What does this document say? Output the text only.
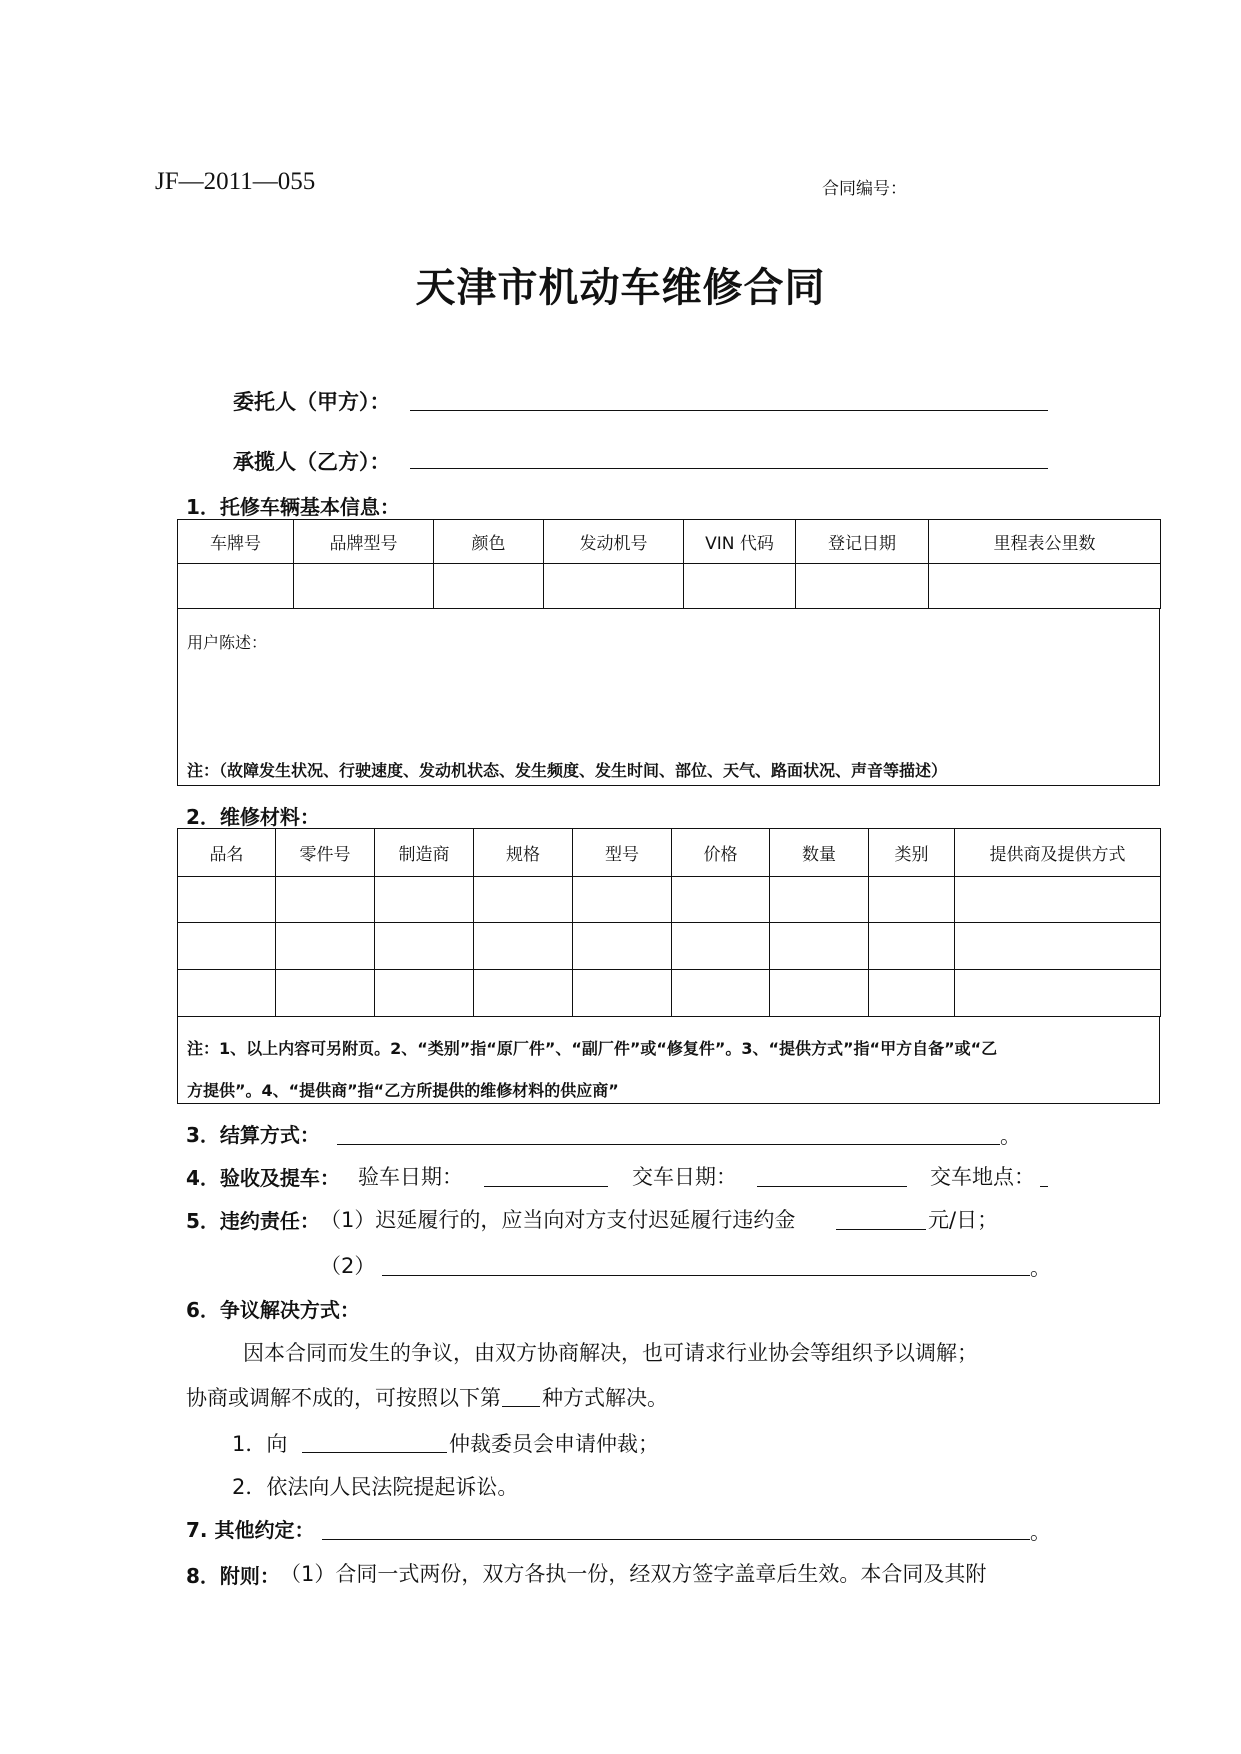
JF—2011—055	合同编号：
天津市机动车维修合同
委托人（甲方）：
承揽人（乙方）：
1．托修车辆基本信息：
车牌号	品牌型号	颜色	发动机号	VIN 代码	登记日期	里程表公里数

用户陈述：
注：（故障发生状况、行驶速度、发动机状态、发生频度、发生时间、部位、天气、路面状况、声音等描述）
2．维修材料：
品名	零件号	制造商	规格	型号	价格	数量	类别	提供商及提供方式

注：1、以上内容可另附页。2、“类别”指“原厂件”、“副厂件”或“修复件”。3、“提供方式”指“甲方自备”或“乙
方提供”。4、“提供商”指“乙方所提供的维修材料的供应商”
3．结算方式：	。
4．验收及提车： 验车日期：	交车日期：	交车地点：
5．违约责任： （1）迟延履行的，应当向对方支付迟延履行违约金	元/日；
（2）	。
6．争议解决方式：
因本合同而发生的争议，由双方协商解决，也可请求行业协会等组织予以调解；
协商或调解不成的，可按照以下第 种方式解决。
1．向	仲裁委员会申请仲裁；
2．依法向人民法院提起诉讼。
7. 其他约定：	。
8．附则： （1）合同一式两份，双方各执一份，经双方签字盖章后生效。本合同及其附
